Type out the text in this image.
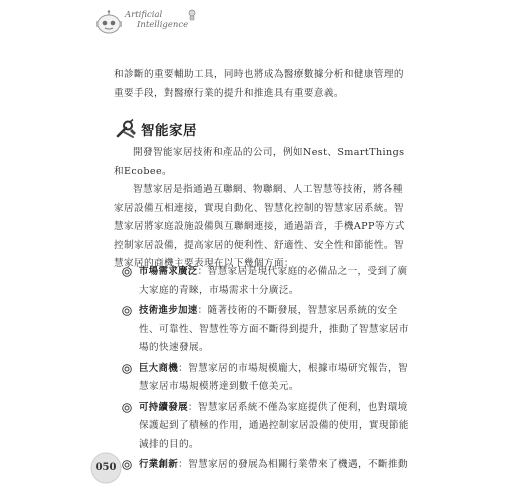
Artificial
Intelligence

和診斷的重要輔助工具，同時也將成為醫療數據分析和健康管理的重要手段，對醫療行業的提升和推進具有重要意義。

智能家居

開發智能家居技術和產品的公司，例如Nest、SmartThings和Ecobee。

智慧家居是指通過互聯網、物聯網、人工智慧等技術，將各種家居設備互相連接，實現自動化、智慧化控制的智慧家居系統。智慧家居將家庭設施設備與互聯網連接，通過語音，手機APP等方式控制家居設備，提高家居的便利性、舒適性、安全性和節能性。智慧家居的商機主要表現在以下幾個方面：

市場需求廣泛：智慧家居是現代家庭的必備品之一，受到了廣大家庭的青睞，市場需求十分廣泛。
技術進步加速：隨著技術的不斷發展，智慧家居系統的安全性、可靠性、智慧性等方面不斷得到提升，推動了智慧家居市場的快速發展。
巨大商機：智慧家居的市場規模龐大，根據市場研究報告，智慧家居市場規模將達到數千億美元。
可持續發展：智慧家居系統不僅為家庭提供了便利，也對環境保護起到了積極的作用，通過控制家居設備的使用，實現節能減排的目的。
行業創新：智慧家居的發展為相關行業帶來了機遇，不斷推動
050
